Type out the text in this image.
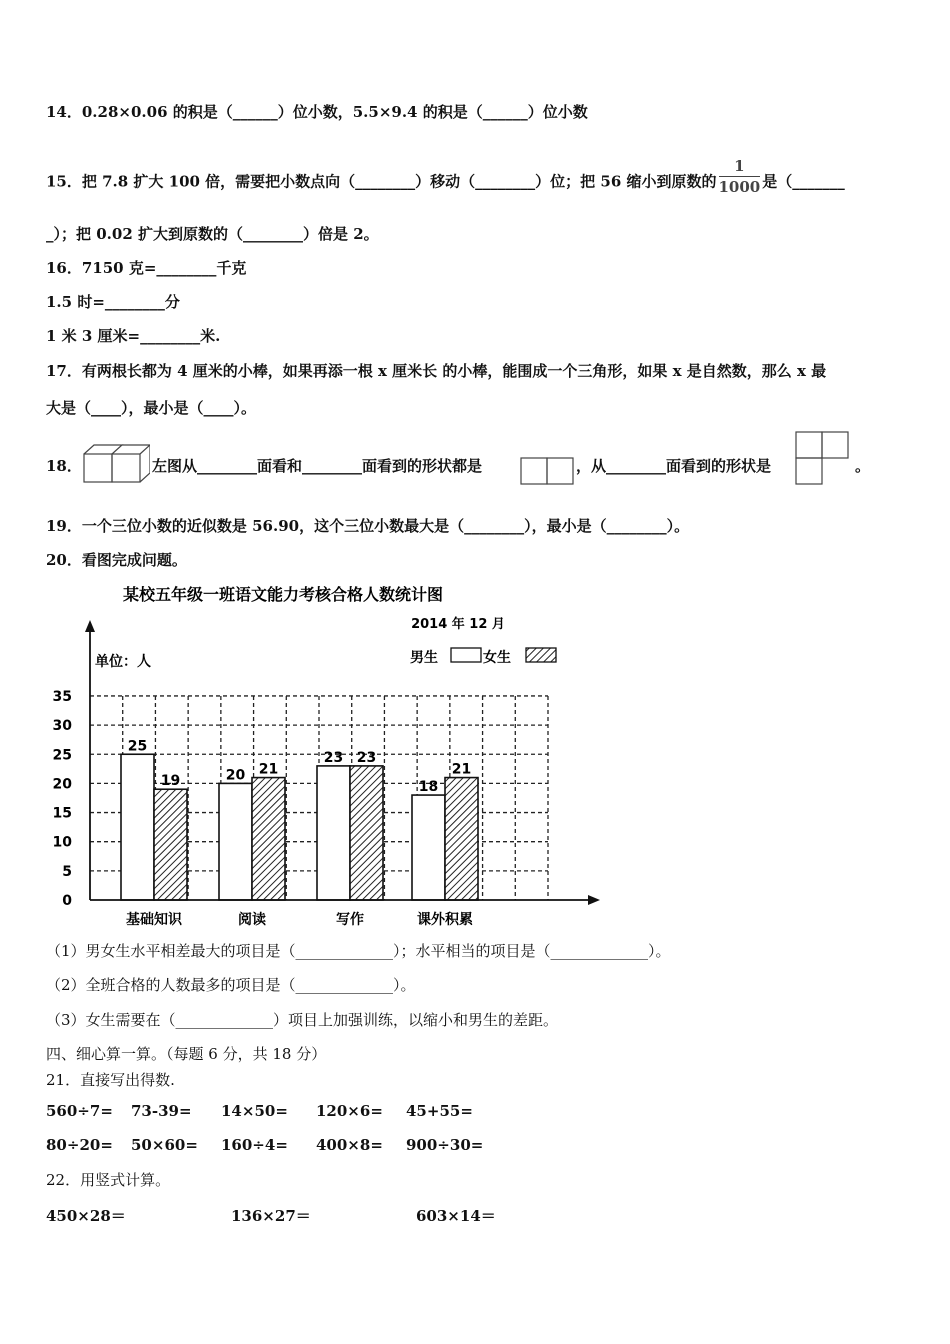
14．0.28×0.06 的积是（______）位小数，5.5×9.4 的积是（______）位小数
15．把 7.8 扩大 100 倍，需要把小数点向（________）移动（________）位；把 56 缩小到原数的 $\frac{1}{1000}$ 是（_______
_）；把 0.02 扩大到原数的（________）倍是 2。
16．7150 克=________千克
1.5 时=________分
1 米 3 厘米=________米.
17．有两根长都为 4 厘米的小棒，如果再添一根 x 厘米长 的小棒，能围成一个三角形，如果 x 是自然数，那么 x 最
大是（____），最小是（____）。
18．	左图从________面看和________面看到的形状都是	，从________面看到的形状是	。
19．一个三位小数的近似数是 56.90，这个三位小数最大是（________），最小是（________）。
20．看图完成问题。
某校五年级一班语文能力考核合格人数统计图
2014 年 12 月
单位：人	男生	女生
25
19	20 21
23 23
18
21
0
5
10
15
20
25
30
35
基础知识	阅读	写作	课外积累
（1）男女生水平相差最大的项目是（_____________）；水平相当的项目是（_____________）。
（2）全班合格的人数最多的项目是（_____________）。
（3）女生需要在（_____________）项目上加强训练，以缩小和男生的差距。
四、细心算一算。（每题 6 分，共 18 分）
21．直接写出得数.
560÷7= 73-39= 14×50= 120×6= 45+55=
80÷20= 50×60= 160÷4= 400×8= 900÷30=
22．用竖式计算。
450×28＝	136×27＝	603×14＝
